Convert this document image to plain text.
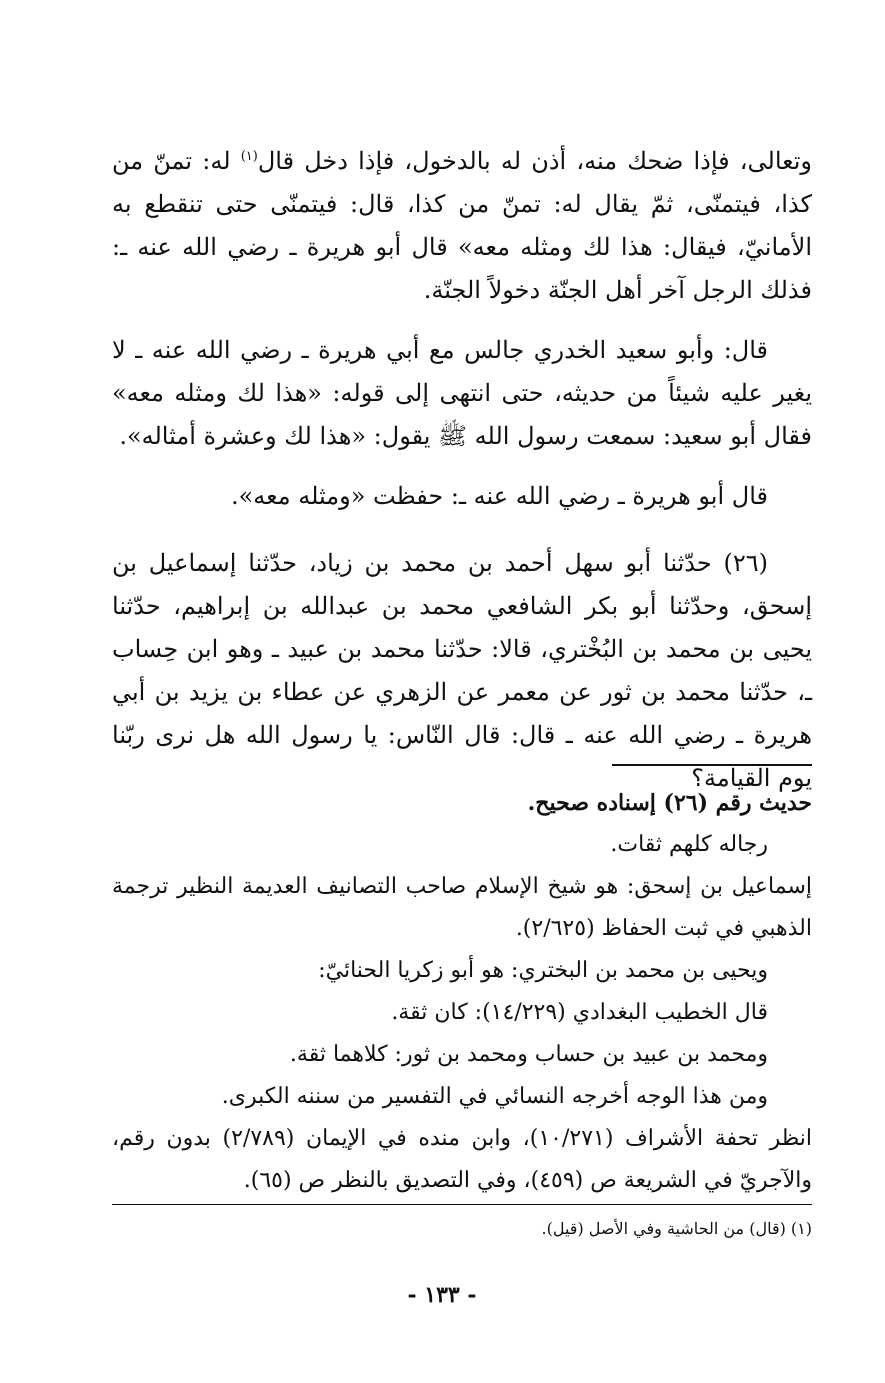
وتعالى، فإذا ضحك منه، أذن له بالدخول، فإذا دخل قال$^{(١)}$ له: تمنّ من كذا، فيتمنّى، ثمّ يقال له: تمنّ من كذا، قال: فيتمنّى حتى تنقطع به الأمانيّ، فيقال: هذا لك ومثله معه» قال أبو هريرة ـ رضي الله عنه ـ: فذلك الرجل آخر أهل الجنّة دخولاً الجنّة.

قال: وأبو سعيد الخدري جالس مع أبي هريرة ـ رضي الله عنه ـ لا يغير عليه شيئاً من حديثه، حتى انتهى إلى قوله: «هذا لك ومثله معه» فقال أبو سعيد: سمعت رسول الله ﷺ يقول: «هذا لك وعشرة أمثاله».

قال أبو هريرة ـ رضي الله عنه ـ: حفظت «ومثله معه».

(٢٦) حدّثنا أبو سهل أحمد بن محمد بن زياد، حدّثنا إسماعيل بن إسحق، وحدّثنا أبو بكر الشافعي محمد بن عبدالله بن إبراهيم، حدّثنا يحيى بن محمد بن البُخْتري، قالا: حدّثنا محمد بن عبيد ـ وهو ابن حِساب ـ، حدّثنا محمد بن ثور عن معمر عن الزهري عن عطاء بن يزيد بن أبي هريرة ـ رضي الله عنه ـ قال: قال النّاس: يا رسول الله هل نرى ربّنا يوم القيامة؟

حديث رقم (٢٦) إسناده صحيح.

رجاله كلهم ثقات.

إسماعيل بن إسحق: هو شيخ الإسلام صاحب التصانيف العديمة النظير ترجمة الذهبي في ثبت الحفاظ (٢/٦٢٥).

ويحيى بن محمد بن البختري: هو أبو زكريا الحنائيّ:

قال الخطيب البغدادي (١٤/٢٢٩): كان ثقة.

ومحمد بن عبيد بن حساب ومحمد بن ثور: كلاهما ثقة.

ومن هذا الوجه أخرجه النسائي في التفسير من سننه الكبرى.

انظر تحفة الأشراف (١٠/٢٧١)، وابن منده في الإيمان (٢/٧٨٩) بدون رقم، والآجريّ في الشريعة ص (٤٥٩)، وفي التصديق بالنظر ص (٦٥).

(١) (قال) من الحاشية وفي الأصل (قيل).

- ١٣٣ -
